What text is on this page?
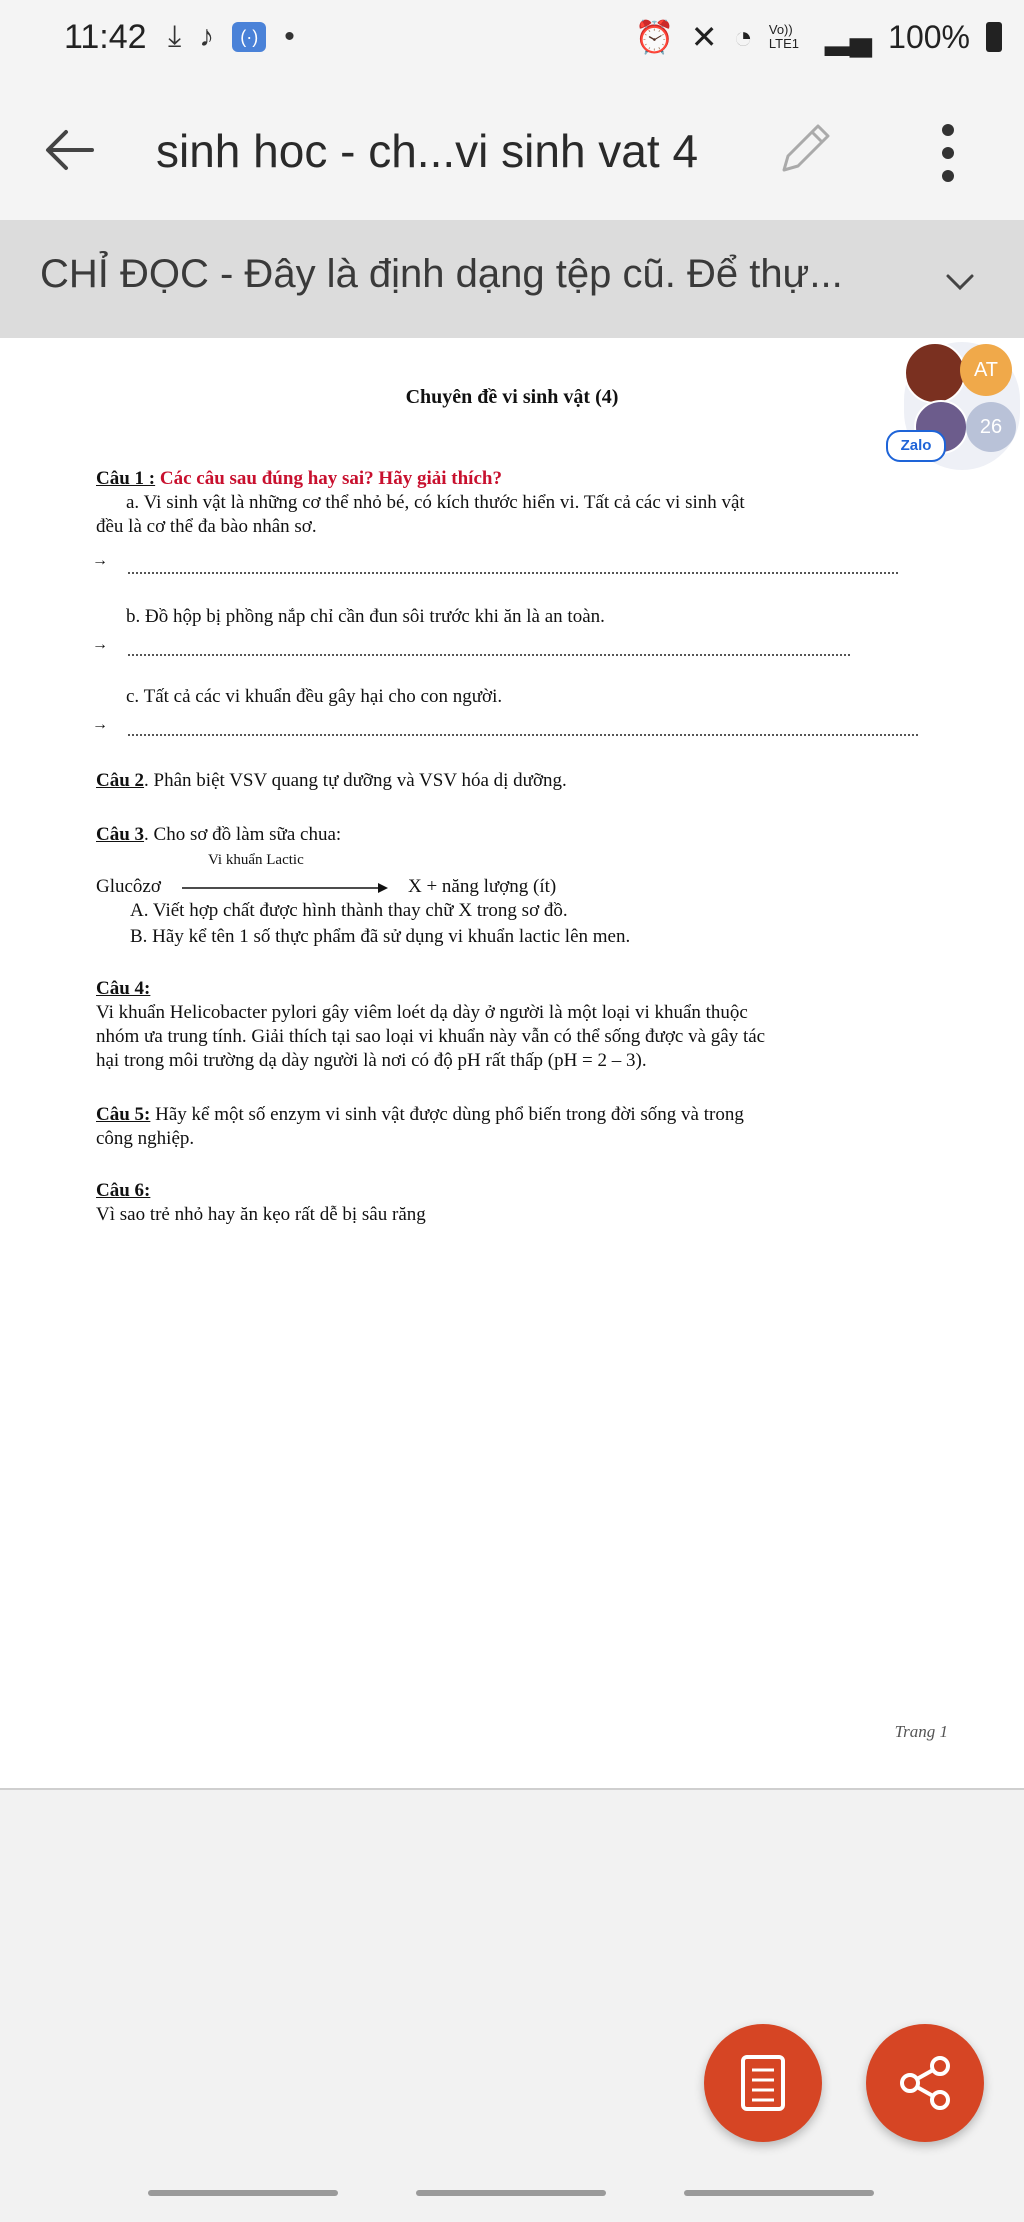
11:42 ⤓ ♪	(·) •	⏰ ✕ ◔ Vo)) LTE1 ▂▄ 100%
sinh hoc - ch...vi sinh vat 4
CHỈ ĐỌC - Đây là định dạng tệp cũ. Để thự...
Chuyên đề vi sinh vật (4)
Câu 1 : Các câu sau đúng hay sai? Hãy giải thích?
a. Vi sinh vật là những cơ thể nhỏ bé, có kích thước hiển vi. Tất cả các vi sinh vật
đều là cơ thể đa bào nhân sơ.
→
b. Đồ hộp bị phồng nắp chỉ cần đun sôi trước khi ăn là an toàn.
→
c. Tất cả các vi khuẩn đều gây hại cho con người.
→
Câu 2. Phân biệt VSV quang tự dưỡng và VSV hóa dị dưỡng.
Câu 3. Cho sơ đồ làm sữa chua:
Vi khuẩn Lactic
Glucôzơ	X + năng lượng (ít)
A. Viết hợp chất được hình thành thay chữ X trong sơ đồ.
B. Hãy kể tên 1 số thực phẩm đã sử dụng vi khuẩn lactic lên men.
Câu 4:
Vi khuẩn Helicobacter pylori gây viêm loét dạ dày ở người là một loại vi khuẩn thuộc
nhóm ưa trung tính. Giải thích tại sao loại vi khuẩn này vẫn có thể sống được và gây tác
hại trong môi trường dạ dày người là nơi có độ pH rất thấp (pH = 2 – 3).
Câu 5: Hãy kể một số enzym vi sinh vật được dùng phổ biến trong đời sống và trong
công nghiệp.
Câu 6:
Vì sao trẻ nhỏ hay ăn kẹo rất dễ bị sâu răng
Trang 1
AT
26
Zalo
